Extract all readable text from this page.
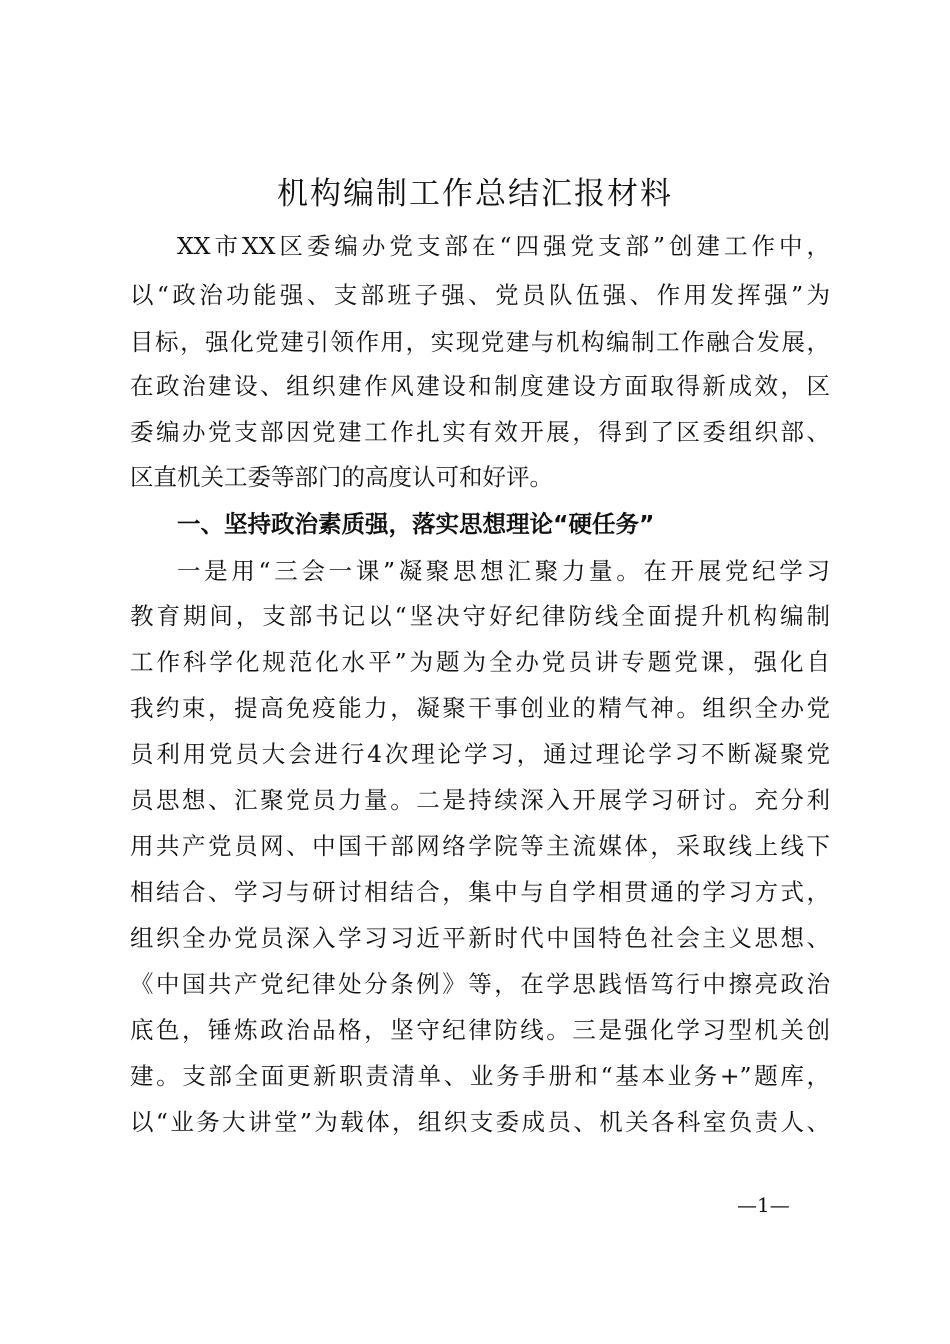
机构编制工作总结汇报材料
XX市XX区委编办党支部在“四强党支部”创建工作中，
以“政治功能强、支部班子强、党员队伍强、作用发挥强”为
目标，强化党建引领作用，实现党建与机构编制工作融合发展，
在政治建设、组织建作风建设和制度建设方面取得新成效，区
委编办党支部因党建工作扎实有效开展，得到了区委组织部、
区直机关工委等部门的高度认可和好评。
一、坚持政治素质强，落实思想理论“硬任务”
一是用“三会一课”凝聚思想汇聚力量。在开展党纪学习
教育期间，支部书记以“坚决守好纪律防线全面提升机构编制
工作科学化规范化水平”为题为全办党员讲专题党课，强化自
我约束，提高免疫能力，凝聚干事创业的精气神。组织全办党
员利用党员大会进行4次理论学习，通过理论学习不断凝聚党
员思想、汇聚党员力量。二是持续深入开展学习研讨。充分利
用共产党员网、中国干部网络学院等主流媒体，采取线上线下
相结合、学习与研讨相结合，集中与自学相贯通的学习方式，
组织全办党员深入学习习近平新时代中国特色社会主义思想、
《中国共产党纪律处分条例》等，在学思践悟笃行中擦亮政治
底色，锤炼政治品格，坚守纪律防线。三是强化学习型机关创
建。支部全面更新职责清单、业务手册和“基本业务+”题库，
以“业务大讲堂”为载体，组织支委成员、机关各科室负责人、
—1—
